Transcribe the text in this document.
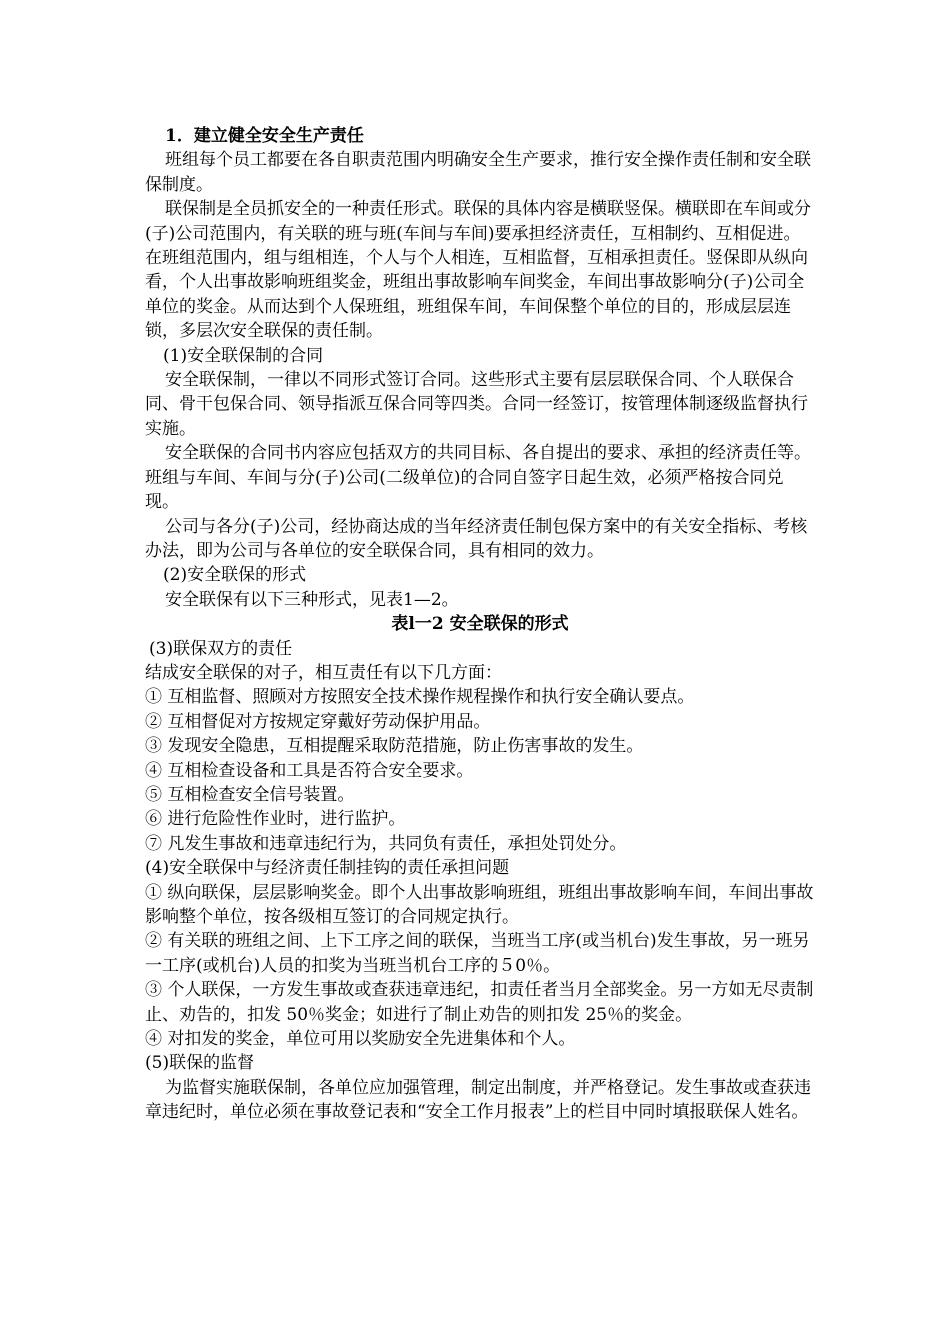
1．建立健全安全生产责任

班组每个员工都要在各自职责范围内明确安全生产要求，推行安全操作责任制和安全联保制度。

联保制是全员抓安全的一种责任形式。联保的具体内容是横联竖保。横联即在车间或分(子)公司范围内，有关联的班与班(车间与车间)要承担经济责任，互相制约、互相促进。在班组范围内，组与组相连，个人与个人相连，互相监督，互相承担责任。竖保即从纵向看，个人出事故影响班组奖金，班组出事故影响车间奖金，车间出事故影响分(子)公司全单位的奖金。从而达到个人保班组，班组保车间，车间保整个单位的目的，形成层层连锁，多层次安全联保的责任制。

(1)安全联保制的合同

安全联保制，一律以不同形式签订合同。这些形式主要有层层联保合同、个人联保合同、骨干包保合同、领导指派互保合同等四类。合同一经签订，按管理体制逐级监督执行实施。

安全联保的合同书内容应包括双方的共同目标、各自提出的要求、承担的经济责任等。班组与车间、车间与分(子)公司(二级单位)的合同自签字日起生效，必须严格按合同兑现。

公司与各分(子)公司，经协商达成的当年经济责任制包保方案中的有关安全指标、考核办法，即为公司与各单位的安全联保合同，具有相同的效力。

(2)安全联保的形式

安全联保有以下三种形式，见表1—2。

表l一2 安全联保的形式

(3)联保双方的责任

结成安全联保的对子，相互责任有以下几方面：

① 互相监督、照顾对方按照安全技术操作规程操作和执行安全确认要点。

② 互相督促对方按规定穿戴好劳动保护用品。

③ 发现安全隐患，互相提醒采取防范措施，防止伤害事故的发生。

④ 互相检查设备和工具是否符合安全要求。

⑤ 互相检查安全信号装置。

⑥ 进行危险性作业时，进行监护。

⑦ 凡发生事故和违章违纪行为，共同负有责任，承担处罚处分。

(4)安全联保中与经济责任制挂钩的责任承担问题

① 纵向联保，层层影响奖金。即个人出事故影响班组，班组出事故影响车间，车间出事故影响整个单位，按各级相互签订的合同规定执行。

② 有关联的班组之间、上下工序之间的联保，当班当工序(或当机台)发生事故，另一班另一工序(或机台)人员的扣奖为当班当机台工序的５0％。

③ 个人联保，一方发生事故或查获违章违纪，扣责任者当月全部奖金。另一方如无尽责制止、劝告的，扣发 50％奖金；如进行了制止劝告的则扣发 25％的奖金。

④ 对扣发的奖金，单位可用以奖励安全先进集体和个人。

(5)联保的监督

为监督实施联保制，各单位应加强管理，制定出制度，并严格登记。发生事故或查获违章违纪时，单位必须在事故登记表和“安全工作月报表”上的栏目中同时填报联保人姓名。
